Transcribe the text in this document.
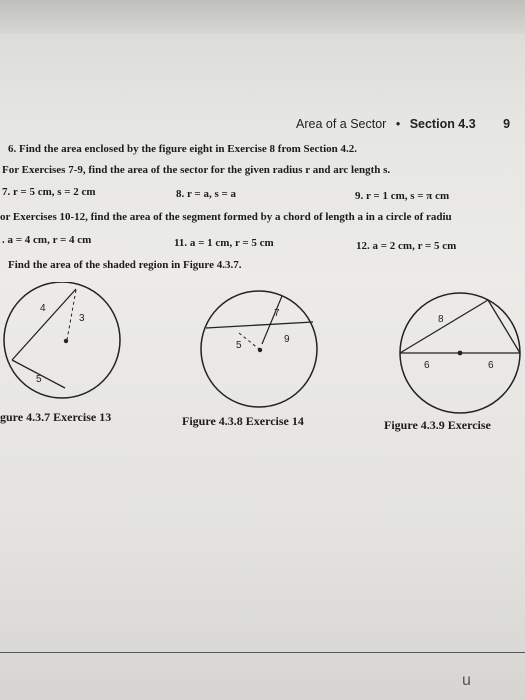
Area of a Sector • Section 4.3 9
6. Find the area enclosed by the figure eight in Exercise 8 from Section 4.2.
For Exercises 7-9, find the area of the sector for the given radius r and arc length s.
7. r = 5 cm, s = 2 cm	8. r = a, s = a	9. r = 1 cm, s = π cm
or Exercises 10-12, find the area of the segment formed by a chord of length a in a circle of radiu
. a = 4 cm, r = 4 cm	11. a = 1 cm, r = 5 cm	12. a = 2 cm, r = 5 cm
Find the area of the shaded region in Figure 4.3.7.
4
3
5
7
5
9
8
6	6
gure 4.3.7 Exercise 13	Figure 4.3.8 Exercise 14	Figure 4.3.9 Exercise
u
